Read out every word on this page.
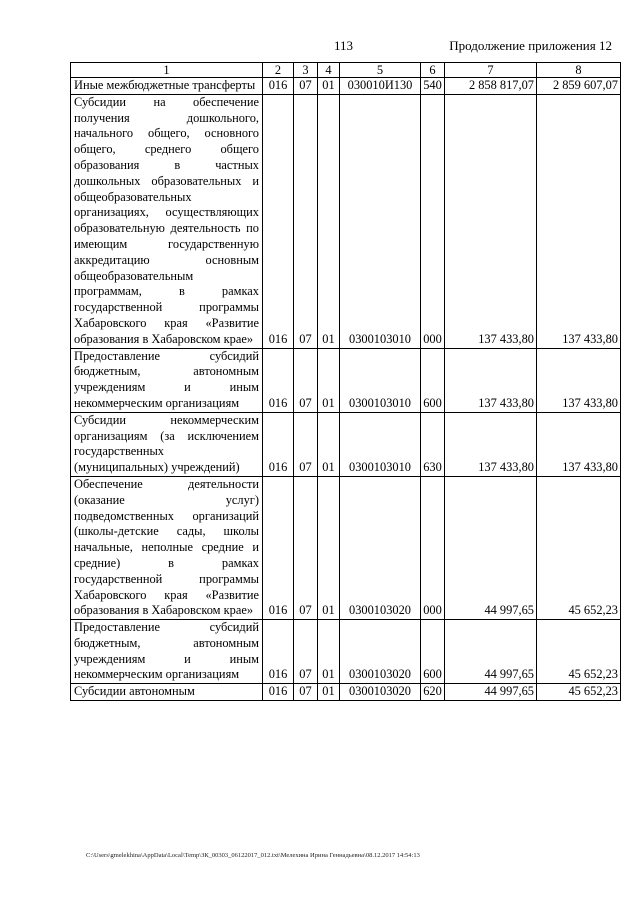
113	Продолжение приложения 12
1	2	3	4	5	6	7	8
Иные межбюджетные трансферты	016	07	01	030010И130	540	2 858 817,07	2 859 607,07
Субсидии на обеспечение получения дошкольного, начального общего, основного общего, среднего общего образования в частных дошкольных образовательных и общеобразовательных организациях, осуществляющих образовательную деятельность по имеющим государственную аккредитацию основным общеобразовательным программам, в рамках государственной программы Хабаровского края «Развитие образования в Хабаровском крае»	016	07	01	0300103010	000	137 433,80	137 433,80
Предоставление субсидий бюджетным, автономным учреждениям и иным некоммерческим организациям	016	07	01	0300103010	600	137 433,80	137 433,80
Субсидии некоммерческим организациям (за исключением государственных (муниципальных) учреждений)	016	07	01	0300103010	630	137 433,80	137 433,80
Обеспечение деятельности (оказание услуг) подведомственных организаций (школы-детские сады, школы начальные, неполные средние и средние) в рамках государственной программы Хабаровского края «Развитие образования в Хабаровском крае»	016	07	01	0300103020	000	44 997,65	45 652,23
Предоставление субсидий бюджетным, автономным учреждениям и иным некоммерческим организациям	016	07	01	0300103020	600	44 997,65	45 652,23
Субсидии автономным	016	07	01	0300103020	620	44 997,65	45 652,23
C:\Users\gmelekhina\AppData\Local\Temp\ЗК_00303_06122017_012.txt\Мелехина Ирина Геннадьевна\08.12.2017 14:54:13
